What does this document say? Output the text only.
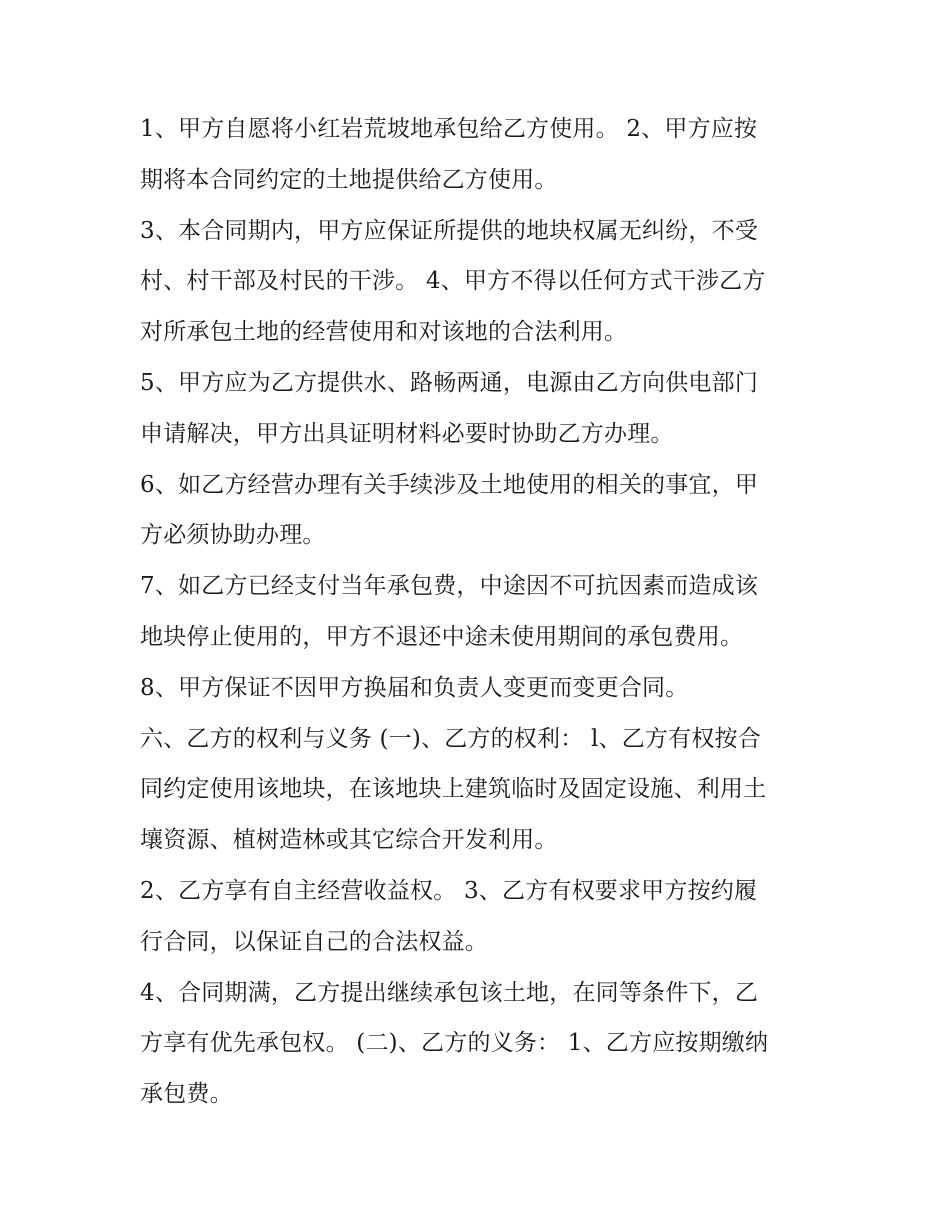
1、甲方自愿将小红岩荒坡地承包给乙方使用。 2、甲方应按
期将本合同约定的土地提供给乙方使用。
3、本合同期内，甲方应保证所提供的地块权属无纠纷，不受
村、村干部及村民的干涉。 4、甲方不得以任何方式干涉乙方
对所承包土地的经营使用和对该地的合法利用。
5、甲方应为乙方提供水、路畅两通，电源由乙方向供电部门
申请解决，甲方出具证明材料必要时协助乙方办理。
6、如乙方经营办理有关手续涉及土地使用的相关的事宜，甲
方必须协助办理。
7、如乙方已经支付当年承包费，中途因不可抗因素而造成该
地块停止使用的，甲方不退还中途未使用期间的承包费用。
8、甲方保证不因甲方换届和负责人变更而变更合同。
六、乙方的权利与义务 (一)、乙方的权利： l、乙方有权按合
同约定使用该地块，在该地块上建筑临时及固定设施、利用土
壤资源、植树造林或其它综合开发利用。
2、乙方享有自主经营收益权。 3、乙方有权要求甲方按约履
行合同，以保证自己的合法权益。
4、合同期满，乙方提出继续承包该土地，在同等条件下，乙
方享有优先承包权。 (二)、乙方的义务： 1、乙方应按期缴纳
承包费。
